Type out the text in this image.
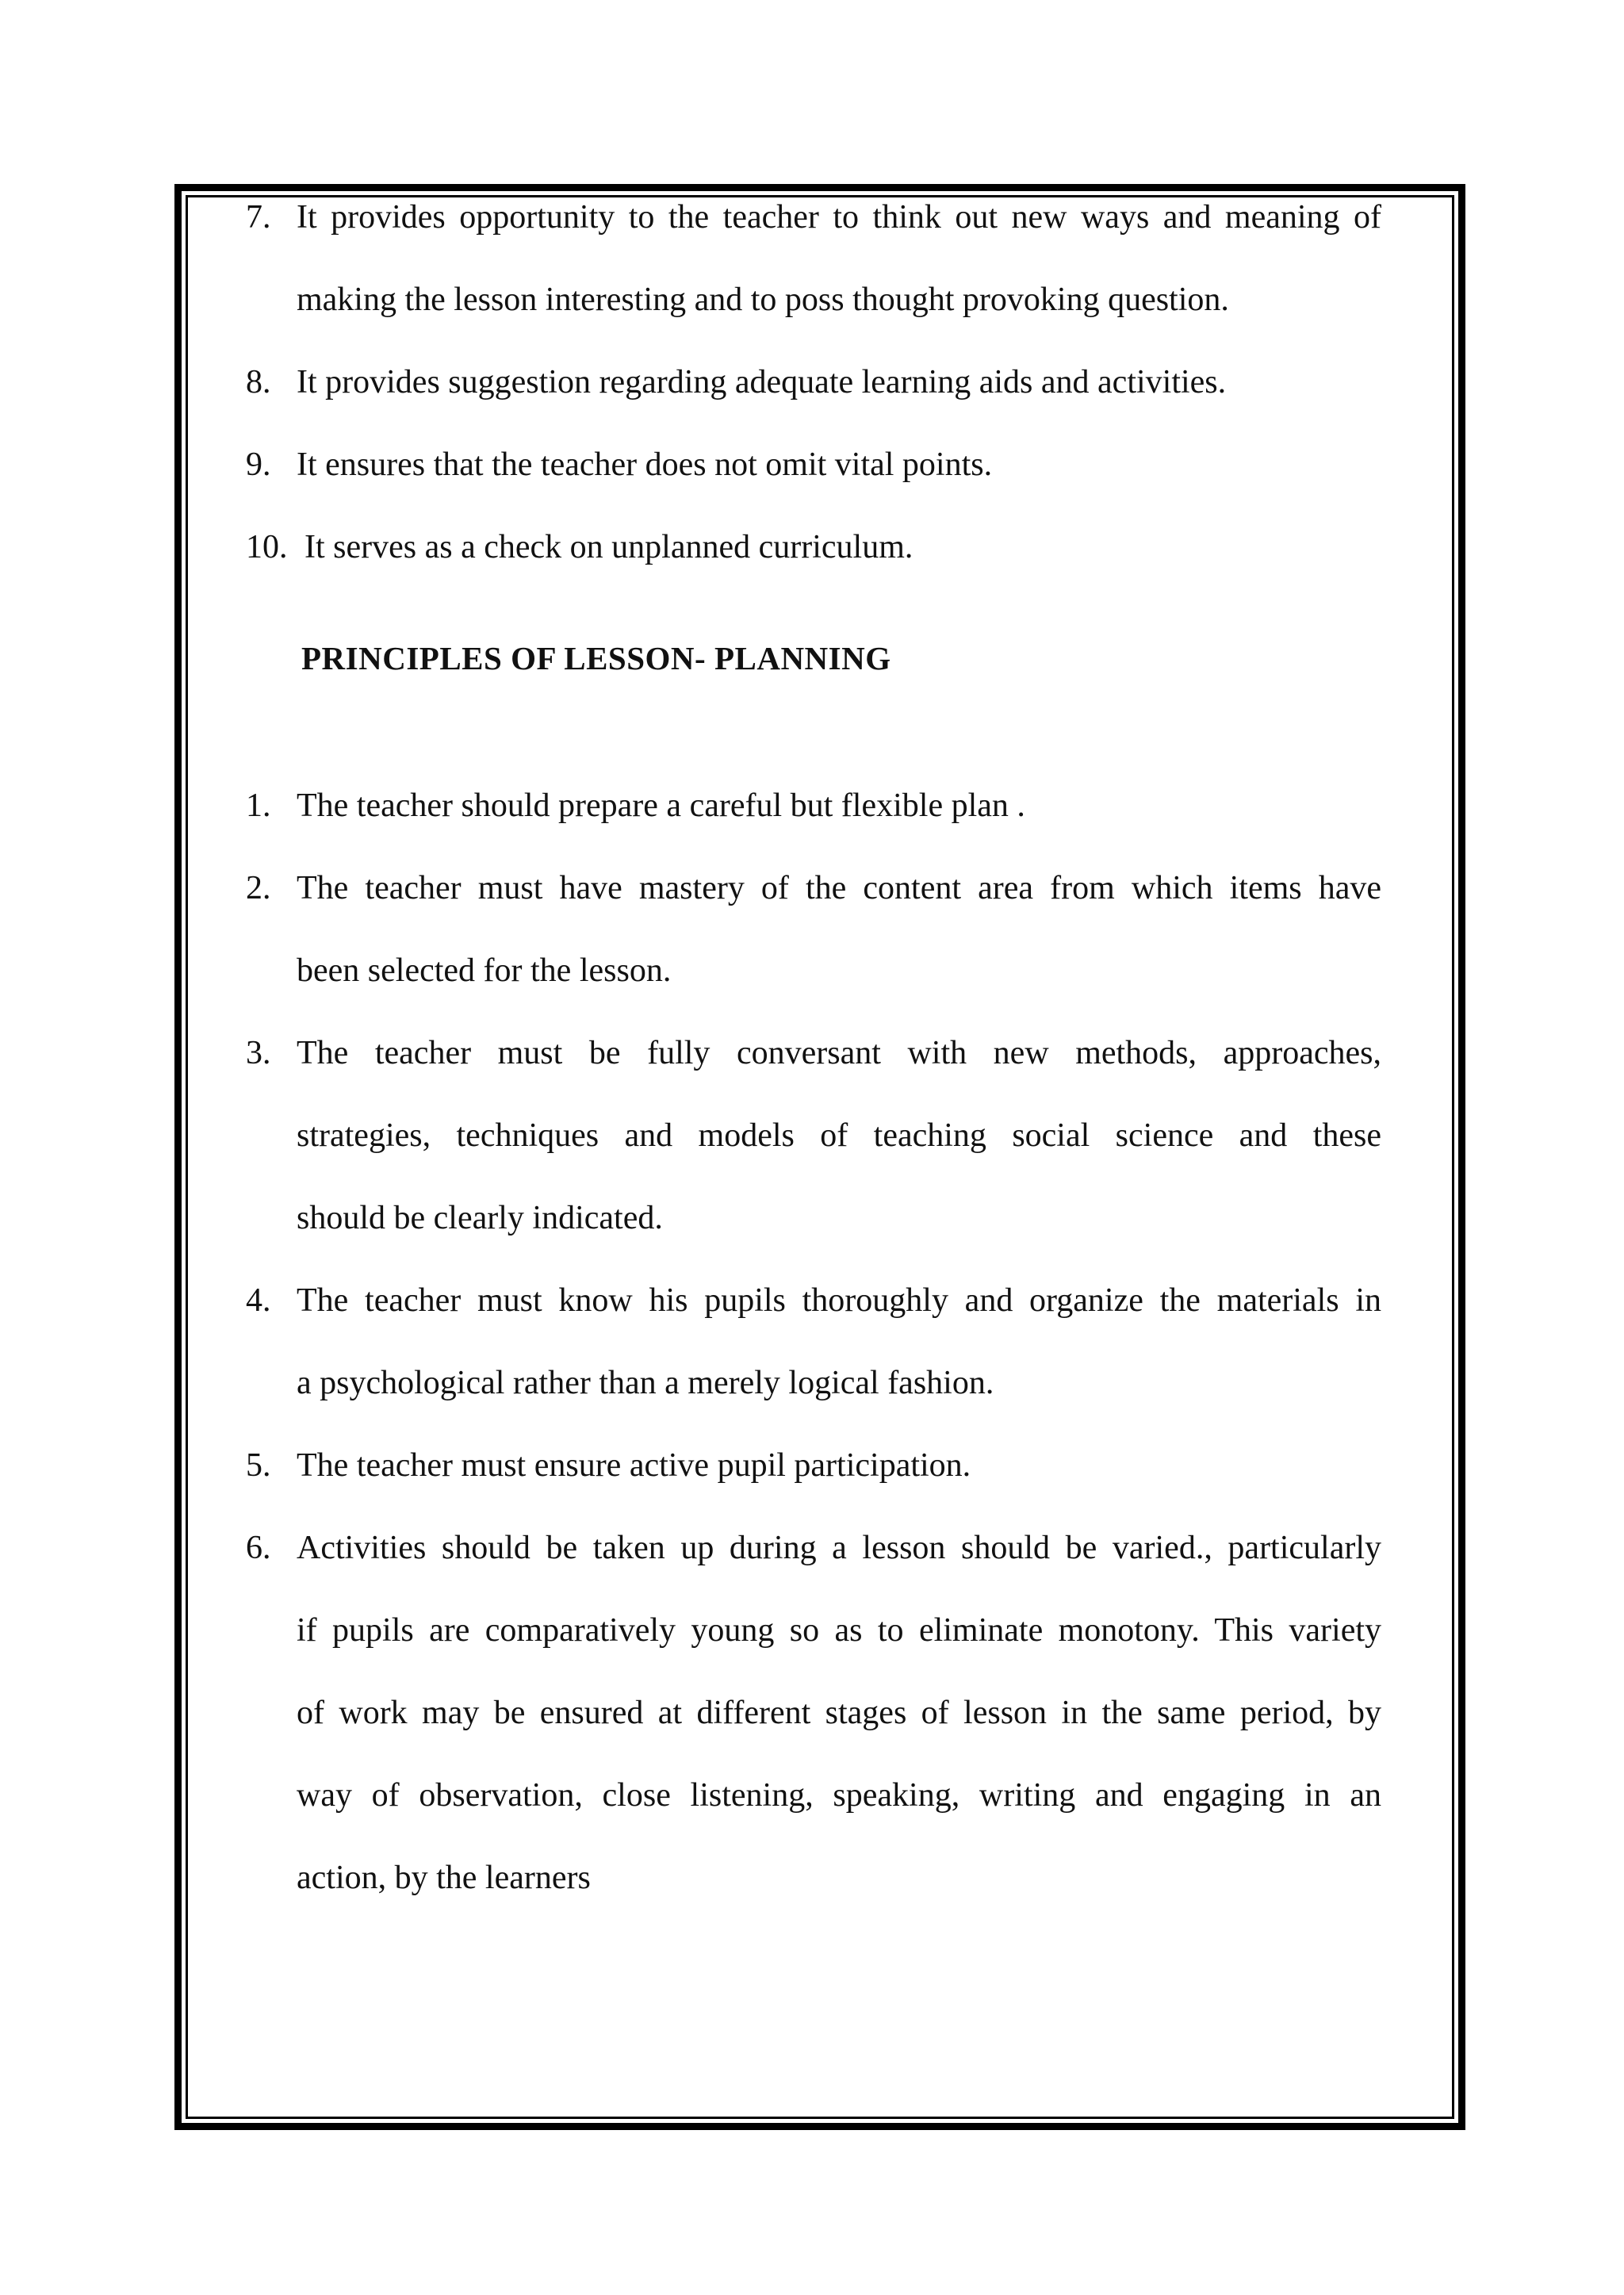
7. It provides opportunity to the teacher to think out new ways and meaning of
making the lesson interesting and to poss thought provoking question.
8. It provides suggestion regarding adequate learning aids and activities.
9. It ensures that the teacher does not omit vital points.
10. It serves as a check on unplanned curriculum.
PRINCIPLES OF LESSON- PLANNING
1. The teacher should prepare a careful but flexible plan .
2. The teacher must have mastery of the content area from which items have
been selected for the lesson.
3. The teacher must be fully conversant with new methods, approaches,
strategies, techniques and models of teaching social science and these
should be clearly indicated.
4. The teacher must know his pupils thoroughly and organize the materials in
a psychological rather than a merely logical fashion.
5. The teacher must ensure active pupil participation.
6. Activities should be taken up during a lesson should be varied., particularly
if pupils are comparatively young so as to eliminate monotony. This variety
of work may be ensured at different stages of lesson in the same period, by
way of observation, close listening, speaking, writing and engaging in an
action, by the learners
